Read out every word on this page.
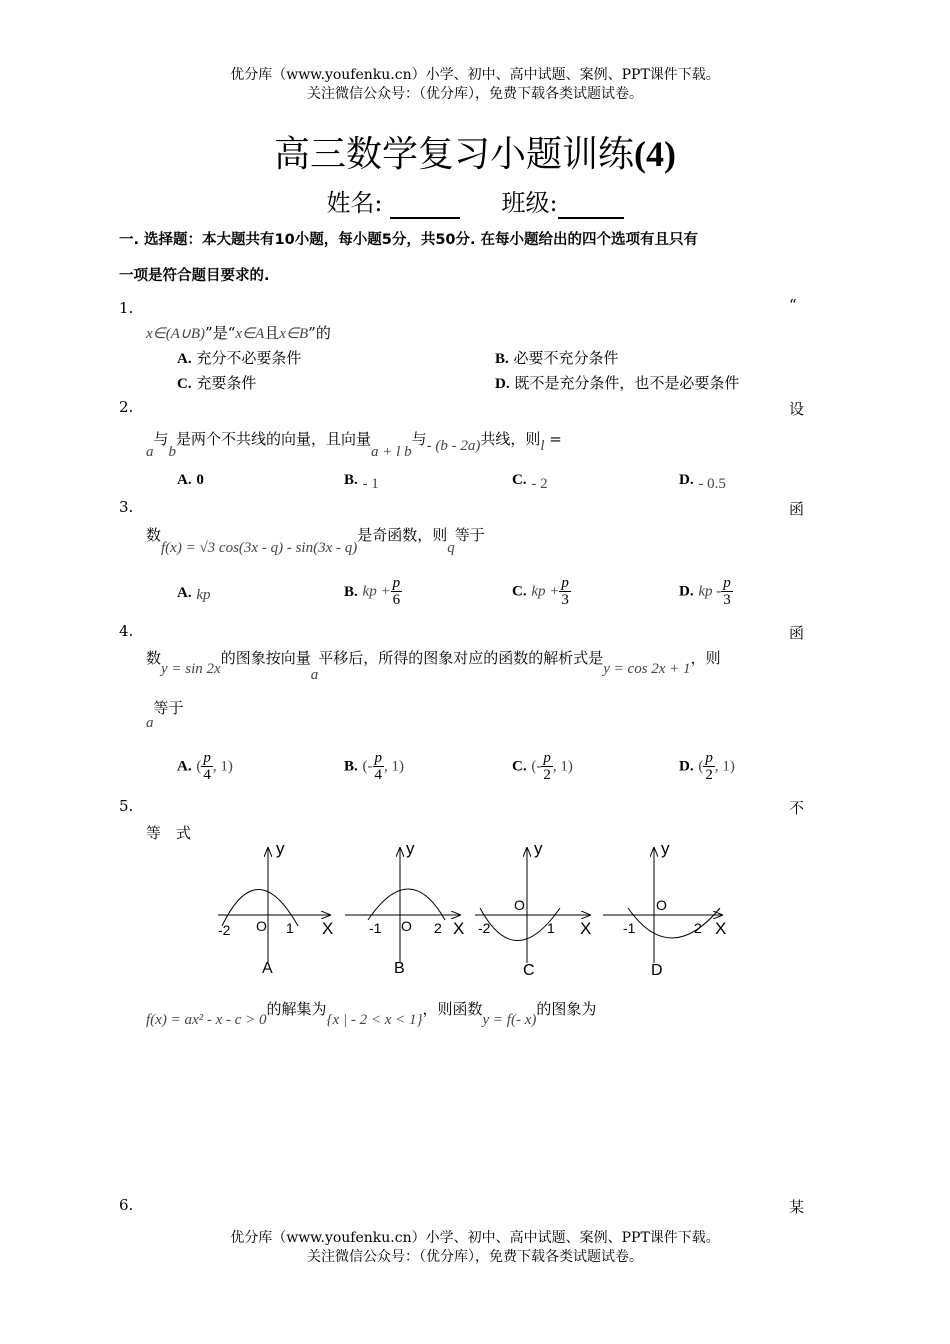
优分库（www.youfenku.cn）小学、初中、高中试题、案例、PPT课件下载。
关注微信公众号：（优分库），免费下载各类试题试卷。
高三数学复习小题训练(4)
姓名:	班级:
一. 选择题：本大题共有10小题，每小题5分，共50分. 在每小题给出的四个选项有且只有
一项是符合题目要求的.
1.	“
x∈(A∪B)”是“x∈A且x∈B”的
A. 充分不必要条件	B. 必要不充分条件
C. 充要条件	D. 既不是充分条件，也不是必要条件
2.	设
a与b是两个不共线的向量，且向量a + l b与- (b - 2a)共线，则l =
A. 0	B. - 1	C. - 2	D. - 0.5
3.	函
数f(x) = √3 cos(3x - q) - sin(3x - q)是奇函数，则q等于
A. kp	B. kp + $\frac{p}{6}$	C. kp + $\frac{p}{3}$	D. kp - $\frac{p}{3}$
4.	函
数y = sin 2x的图象按向量a平移后，所得的图象对应的函数的解析式是y = cos 2x + 1，则
a等于
A. ( $\frac{p}{4}$ , 1)	B. (- $\frac{p}{4}$ , 1)	C. (- $\frac{p}{2}$ , 1)	D. ( $\frac{p}{2}$ , 1)
5.	不
等　式
-2 O 1 X
y
A
-1 O 2 X
y
B
-2
O
1 X
y
C
-1
O
2 X
y
D
f(x) = ax² - x - c > 0的解集为{x | - 2 < x < 1}，则函数y = f(- x)的图象为
6.	某
优分库（www.youfenku.cn）小学、初中、高中试题、案例、PPT课件下载。
关注微信公众号：（优分库），免费下载各类试题试卷。
